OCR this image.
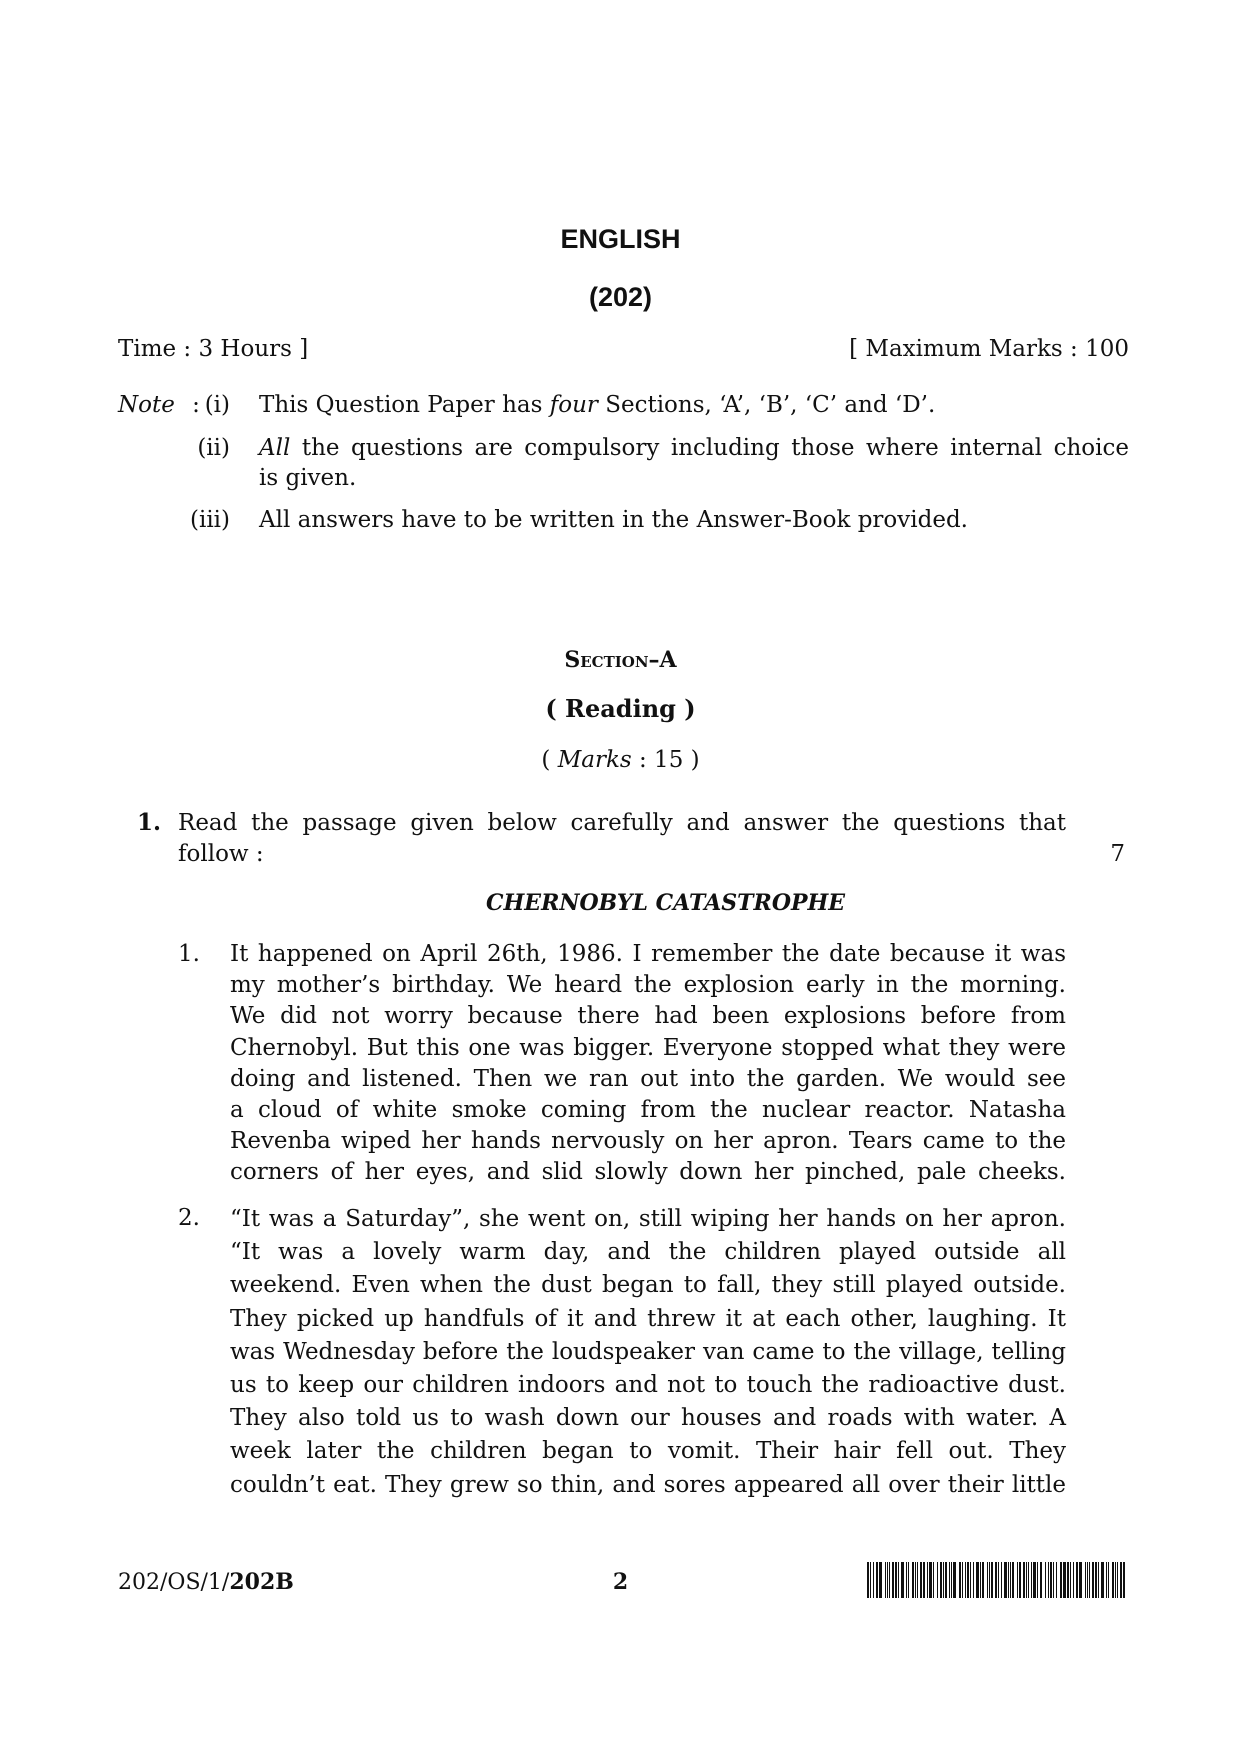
ENGLISH
(202)
Time : 3 Hours ]	[ Maximum Marks : 100
Note : (i) This Question Paper has four Sections, ‘A’, ‘B’, ‘C’ and ‘D’.
(ii) All the questions are compulsory including those where internal choice
is given.
(iii) All answers have to be written in the Answer-Book provided.
Section–A
( Reading )
( Marks : 15 )
1. Read the passage given below carefully and answer the questions that
follow :	7
CHERNOBYL CATASTROPHE
1. It happened on April 26th, 1986. I remember the date because it was
my mother’s birthday. We heard the explosion early in the morning.
We did not worry because there had been explosions before from
Chernobyl. But this one was bigger. Everyone stopped what they were
doing and listened. Then we ran out into the garden. We would see
a cloud of white smoke coming from the nuclear reactor. Natasha
Revenba wiped her hands nervously on her apron. Tears came to the
corners of her eyes, and slid slowly down her pinched, pale cheeks.
2. “It was a Saturday”, she went on, still wiping her hands on her apron.
“It was a lovely warm day, and the children played outside all
weekend. Even when the dust began to fall, they still played outside.
They picked up handfuls of it and threw it at each other, laughing. It
was Wednesday before the loudspeaker van came to the village, telling
us to keep our children indoors and not to touch the radioactive dust.
They also told us to wash down our houses and roads with water. A
week later the children began to vomit. Their hair fell out. They
couldn’t eat. They grew so thin, and sores appeared all over their little
202/OS/1/202B	2
